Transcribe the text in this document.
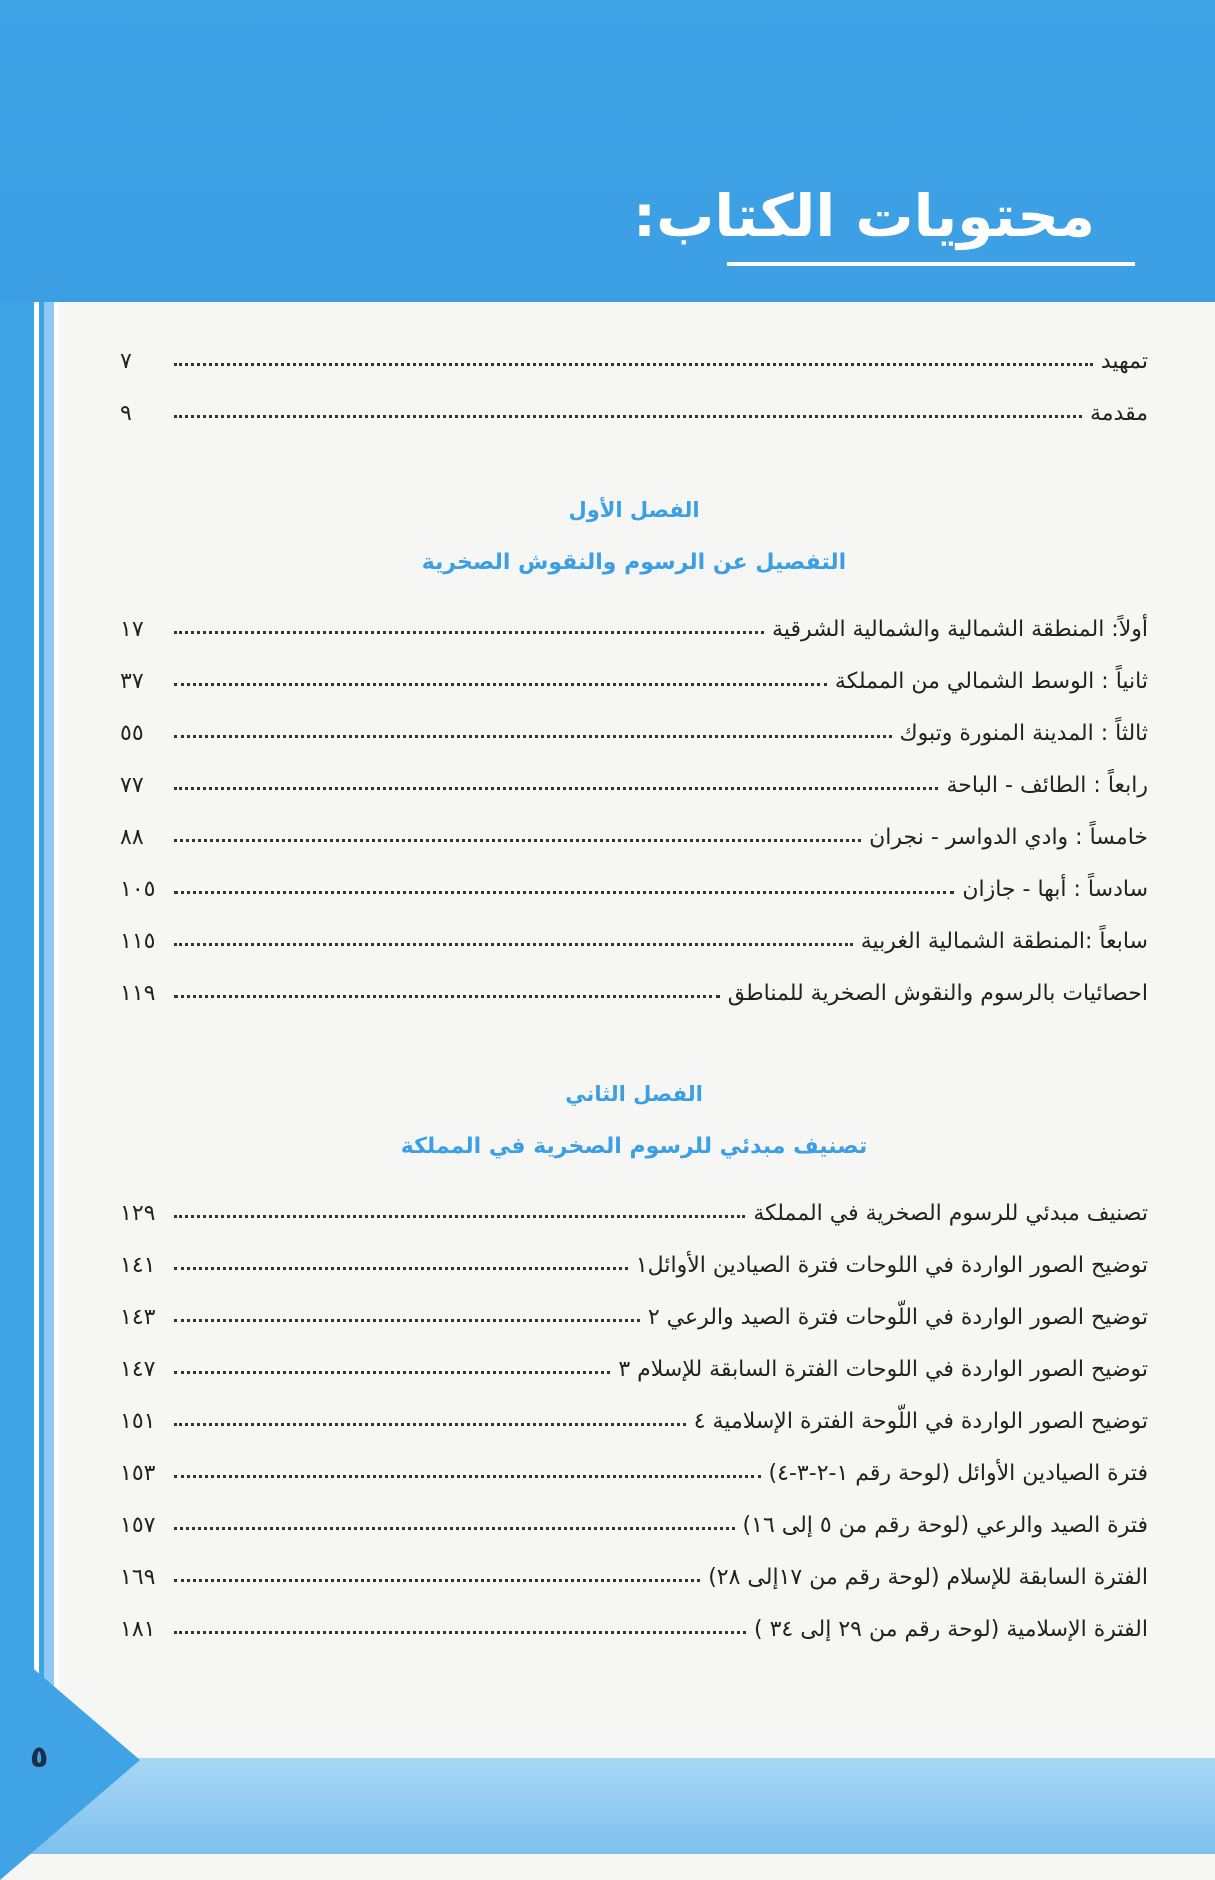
محتويات الكتاب:
٥
تمهيد
٧
مقدمة
٩
الفصل الأول
التفصيل عن الرسوم والنقوش الصخرية
أولاً: المنطقة الشمالية والشمالية الشرقية
١٧
ثانياً : الوسط الشمالي من المملكة
٣٧
ثالثاً : المدينة المنورة وتبوك
٥٥
رابعاً : الطائف - الباحة
٧٧
خامساً : وادي الدواسر - نجران
٨٨
سادساً : أبها - جازان
١٠٥
سابعاً :المنطقة الشمالية الغربية
١١٥
احصائيات بالرسوم والنقوش الصخرية للمناطق
١١٩
الفصل الثاني
تصنيف مبدئي للرسوم الصخرية في المملكة
تصنيف مبدئي للرسوم الصخرية في المملكة
١٢٩
توضيح الصور الواردة في اللوحات فترة الصيادين الأوائل١
١٤١
توضيح الصور الواردة في اللّوحات فترة الصيد والرعي ٢
١٤٣
توضيح الصور الواردة في اللوحات الفترة السابقة للإسلام ٣
١٤٧
توضيح الصور الواردة في اللّوحة الفترة الإسلامية ٤
١٥١
فترة الصيادين الأوائل (لوحة رقم ١-٢-٣-٤)
١٥٣
فترة الصيد والرعي (لوحة رقم من ٥ إلى ١٦)
١٥٧
الفترة السابقة للإسلام (لوحة رقم من ١٧إلى ٢٨)
١٦٩
الفترة الإسلامية (لوحة رقم من ٢٩ إلى ٣٤ )
١٨١
